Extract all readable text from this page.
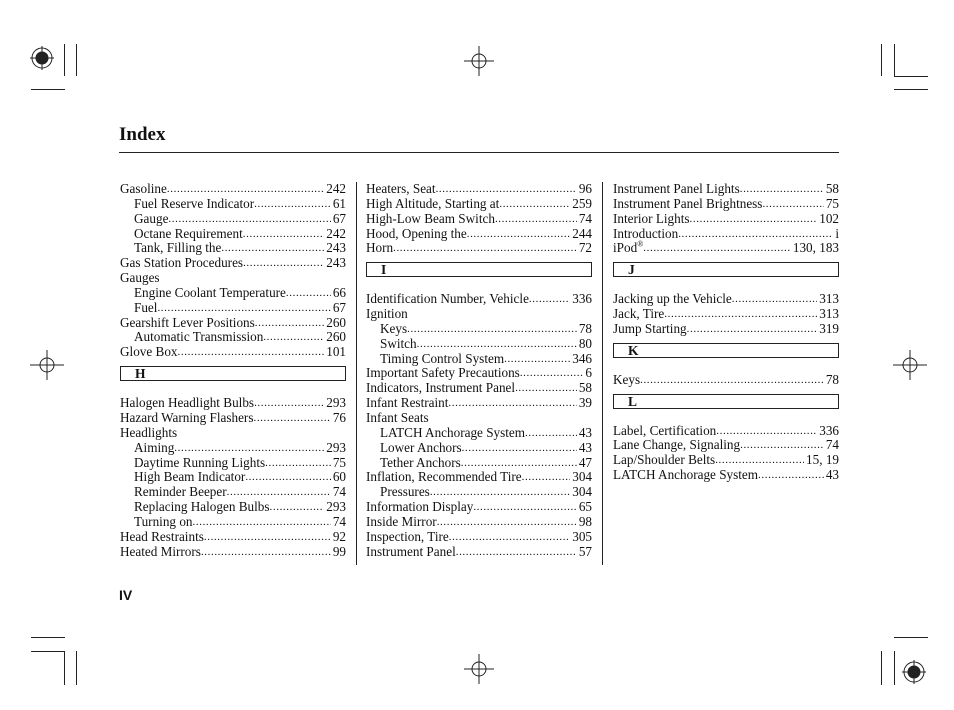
Index
Gasoline .....	242
Fuel Reserve Indicator .....	61
Gauge .....	67
Octane Requirement .....	242
Tank, Filling the .....	243
Gas Station Procedures .....	243
Gauges
Engine Coolant Temperature .....	66
Fuel .....	67
Gearshift Lever Positions .....	260
Automatic Transmission .....	260
Glove Box .....	101
H
Halogen Headlight Bulbs .....	293
Hazard Warning Flashers .....	76
Headlights
Aiming .....	293
Daytime Running Lights .....	75
High Beam Indicator .....	60
Reminder Beeper .....	74
Replacing Halogen Bulbs .....	293
Turning on .....	74
Head Restraints .....	92
Heated Mirrors .....	99
Heaters, Seat .....	96
High Altitude, Starting at .....	259
High-Low Beam Switch .....	74
Hood, Opening the .....	244
Horn .....	72
I
Identification Number, Vehicle .....	336
Ignition
Keys .....	78
Switch .....	80
Timing Control System .....	346
Important Safety Precautions .....	6
Indicators, Instrument Panel .....	58
Infant Restraint .....	39
Infant Seats
LATCH Anchorage System .....	43
Lower Anchors .....	43
Tether Anchors .....	47
Inflation, Recommended Tire .....	304
Pressures .....	304
Information Display .....	65
Inside Mirror .....	98
Inspection, Tire .....	305
Instrument Panel .....	57
Instrument Panel Lights .....	58
Instrument Panel Brightness .....	75
Interior Lights .....	102
Introduction .....	i
iPod® .....	130, 183
J
Jacking up the Vehicle .....	313
Jack, Tire .....	313
Jump Starting .....	319
K
Keys .....	78
L
Label, Certification .....	336
Lane Change, Signaling .....	74
Lap/Shoulder Belts .....	15, 19
LATCH Anchorage System .....	43
IV
